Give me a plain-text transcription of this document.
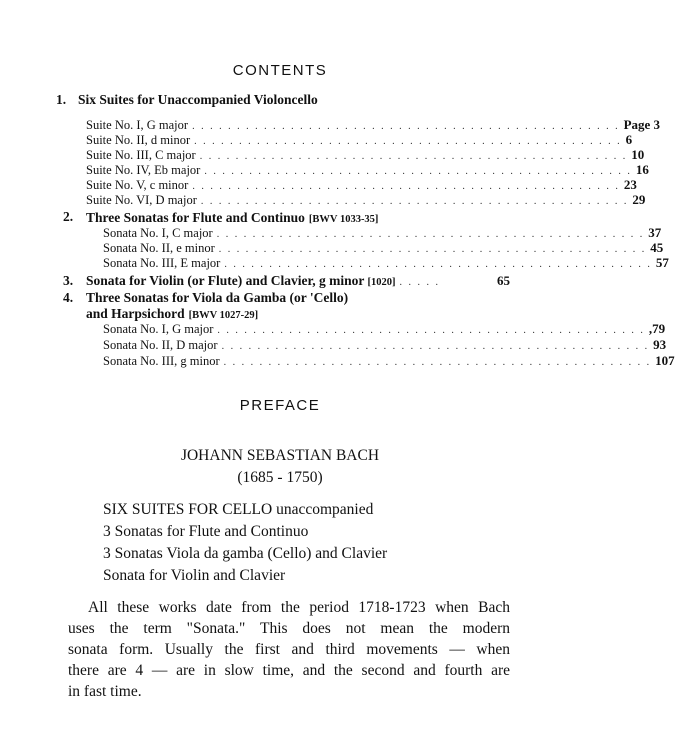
CONTENTS
1. Six Suites for Unaccompanied Violoncello
Suite No. I, G major . . . . . . . . . . . . . . . . . . . . . . . . . . . . . . . . . . . . . . . . . . . . . . . . Page 3
Suite No. II, d minor . . . . . . . . . . . . . . . . . . . . . . . . . . . . . . . . . . . . . . . . . . . . . . . . 6
Suite No. III, C major . . . . . . . . . . . . . . . . . . . . . . . . . . . . . . . . . . . . . . . . . . . . . . . . 10
Suite No. IV, Eb major . . . . . . . . . . . . . . . . . . . . . . . . . . . . . . . . . . . . . . . . . . . . . . . . 16
Suite No. V, c minor . . . . . . . . . . . . . . . . . . . . . . . . . . . . . . . . . . . . . . . . . . . . . . . . 23
Suite No. VI, D major . . . . . . . . . . . . . . . . . . . . . . . . . . . . . . . . . . . . . . . . . . . . . . . . 29
2. Three Sonatas for Flute and Continuo [BWV 1033-35]
Sonata No. I, C major . . . . . . . . . . . . . . . . . . . . . . . . . . . . . . . . . . . . . . . . . . . . . . . . 37
Sonata No. II, e minor . . . . . . . . . . . . . . . . . . . . . . . . . . . . . . . . . . . . . . . . . . . . . . . . 45
Sonata No. III, E major . . . . . . . . . . . . . . . . . . . . . . . . . . . . . . . . . . . . . . . . . . . . . . . . 57
3. Sonata for Violin (or Flute) and Clavier, g minor [1020] . . . . .	65
4. Three Sonatas for Viola da Gamba (or 'Cello)
and Harpsichord [BWV 1027-29]
Sonata No. I, G major . . . . . . . . . . . . . . . . . . . . . . . . . . . . . . . . . . . . . . . . . . . . . . . . ,79
Sonata No. II, D major . . . . . . . . . . . . . . . . . . . . . . . . . . . . . . . . . . . . . . . . . . . . . . . . 93
Sonata No. III, g minor . . . . . . . . . . . . . . . . . . . . . . . . . . . . . . . . . . . . . . . . . . . . . . . . 107
PREFACE
JOHANN SEBASTIAN BACH
(1685 - 1750)
SIX SUITES FOR CELLO unaccompanied
3 Sonatas for Flute and Continuo
3 Sonatas Viola da gamba (Cello) and Clavier
Sonata for Violin and Clavier
All these works date from the period 1718-1723 when Bach
uses the term "Sonata." This does not mean the modern
sonata form. Usually the first and third movements — when
there are 4 — are in slow time, and the second and fourth are
in fast time.
